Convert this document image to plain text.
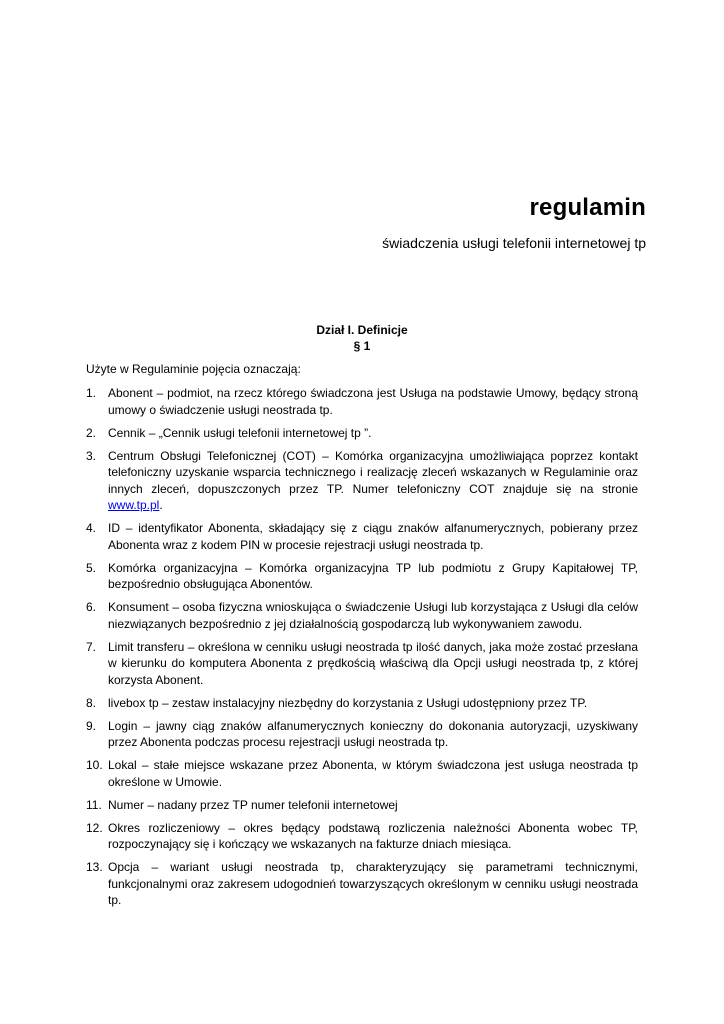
regulamin

świadczenia usługi telefonii internetowej tp

Dział I. Definicje
§ 1

Użyte w Regulaminie pojęcia oznaczają:

1. Abonent – podmiot, na rzecz którego świadczona jest Usługa na podstawie Umowy, będący stroną umowy o świadczenie usługi neostrada tp.
2. Cennik – „Cennik usługi telefonii internetowej tp ”.
3. Centrum Obsługi Telefonicznej (COT) – Komórka organizacyjna umożliwiająca poprzez kontakt telefoniczny uzyskanie wsparcia technicznego i realizację zleceń wskazanych w Regulaminie oraz innych zleceń, dopuszczonych przez TP. Numer telefoniczny COT znajduje się na stronie www.tp.pl.
4. ID – identyfikator Abonenta, składający się z ciągu znaków alfanumerycznych, pobierany przez Abonenta wraz z kodem PIN w procesie rejestracji usługi neostrada tp.
5. Komórka organizacyjna – Komórka organizacyjna TP lub podmiotu z Grupy Kapitałowej TP, bezpośrednio obsługująca Abonentów.
6. Konsument – osoba fizyczna wnioskująca o świadczenie Usługi lub korzystająca z Usługi dla celów niezwiązanych bezpośrednio z jej działalnością gospodarczą lub wykonywaniem zawodu.
7. Limit transferu – określona w cenniku usługi neostrada tp ilość danych, jaka może zostać przesłana w kierunku do komputera Abonenta z prędkością właściwą dla Opcji usługi neostrada tp, z której korzysta Abonent.
8. livebox tp – zestaw instalacyjny niezbędny do korzystania z Usługi udostępniony przez TP.
9. Login – jawny ciąg znaków alfanumerycznych konieczny do dokonania autoryzacji, uzyskiwany przez Abonenta podczas procesu rejestracji usługi neostrada tp.
10. Lokal – stałe miejsce wskazane przez Abonenta, w którym świadczona jest usługa neostrada tp określone w Umowie.
11. Numer – nadany przez TP numer telefonii internetowej
12. Okres rozliczeniowy – okres będący podstawą rozliczenia należności Abonenta wobec TP, rozpoczynający się i kończący we wskazanych na fakturze dniach miesiąca.
13. Opcja – wariant usługi neostrada tp, charakteryzujący się parametrami technicznymi, funkcjonalnymi oraz zakresem udogodnień towarzyszących określonym w cenniku usługi neostrada tp.
